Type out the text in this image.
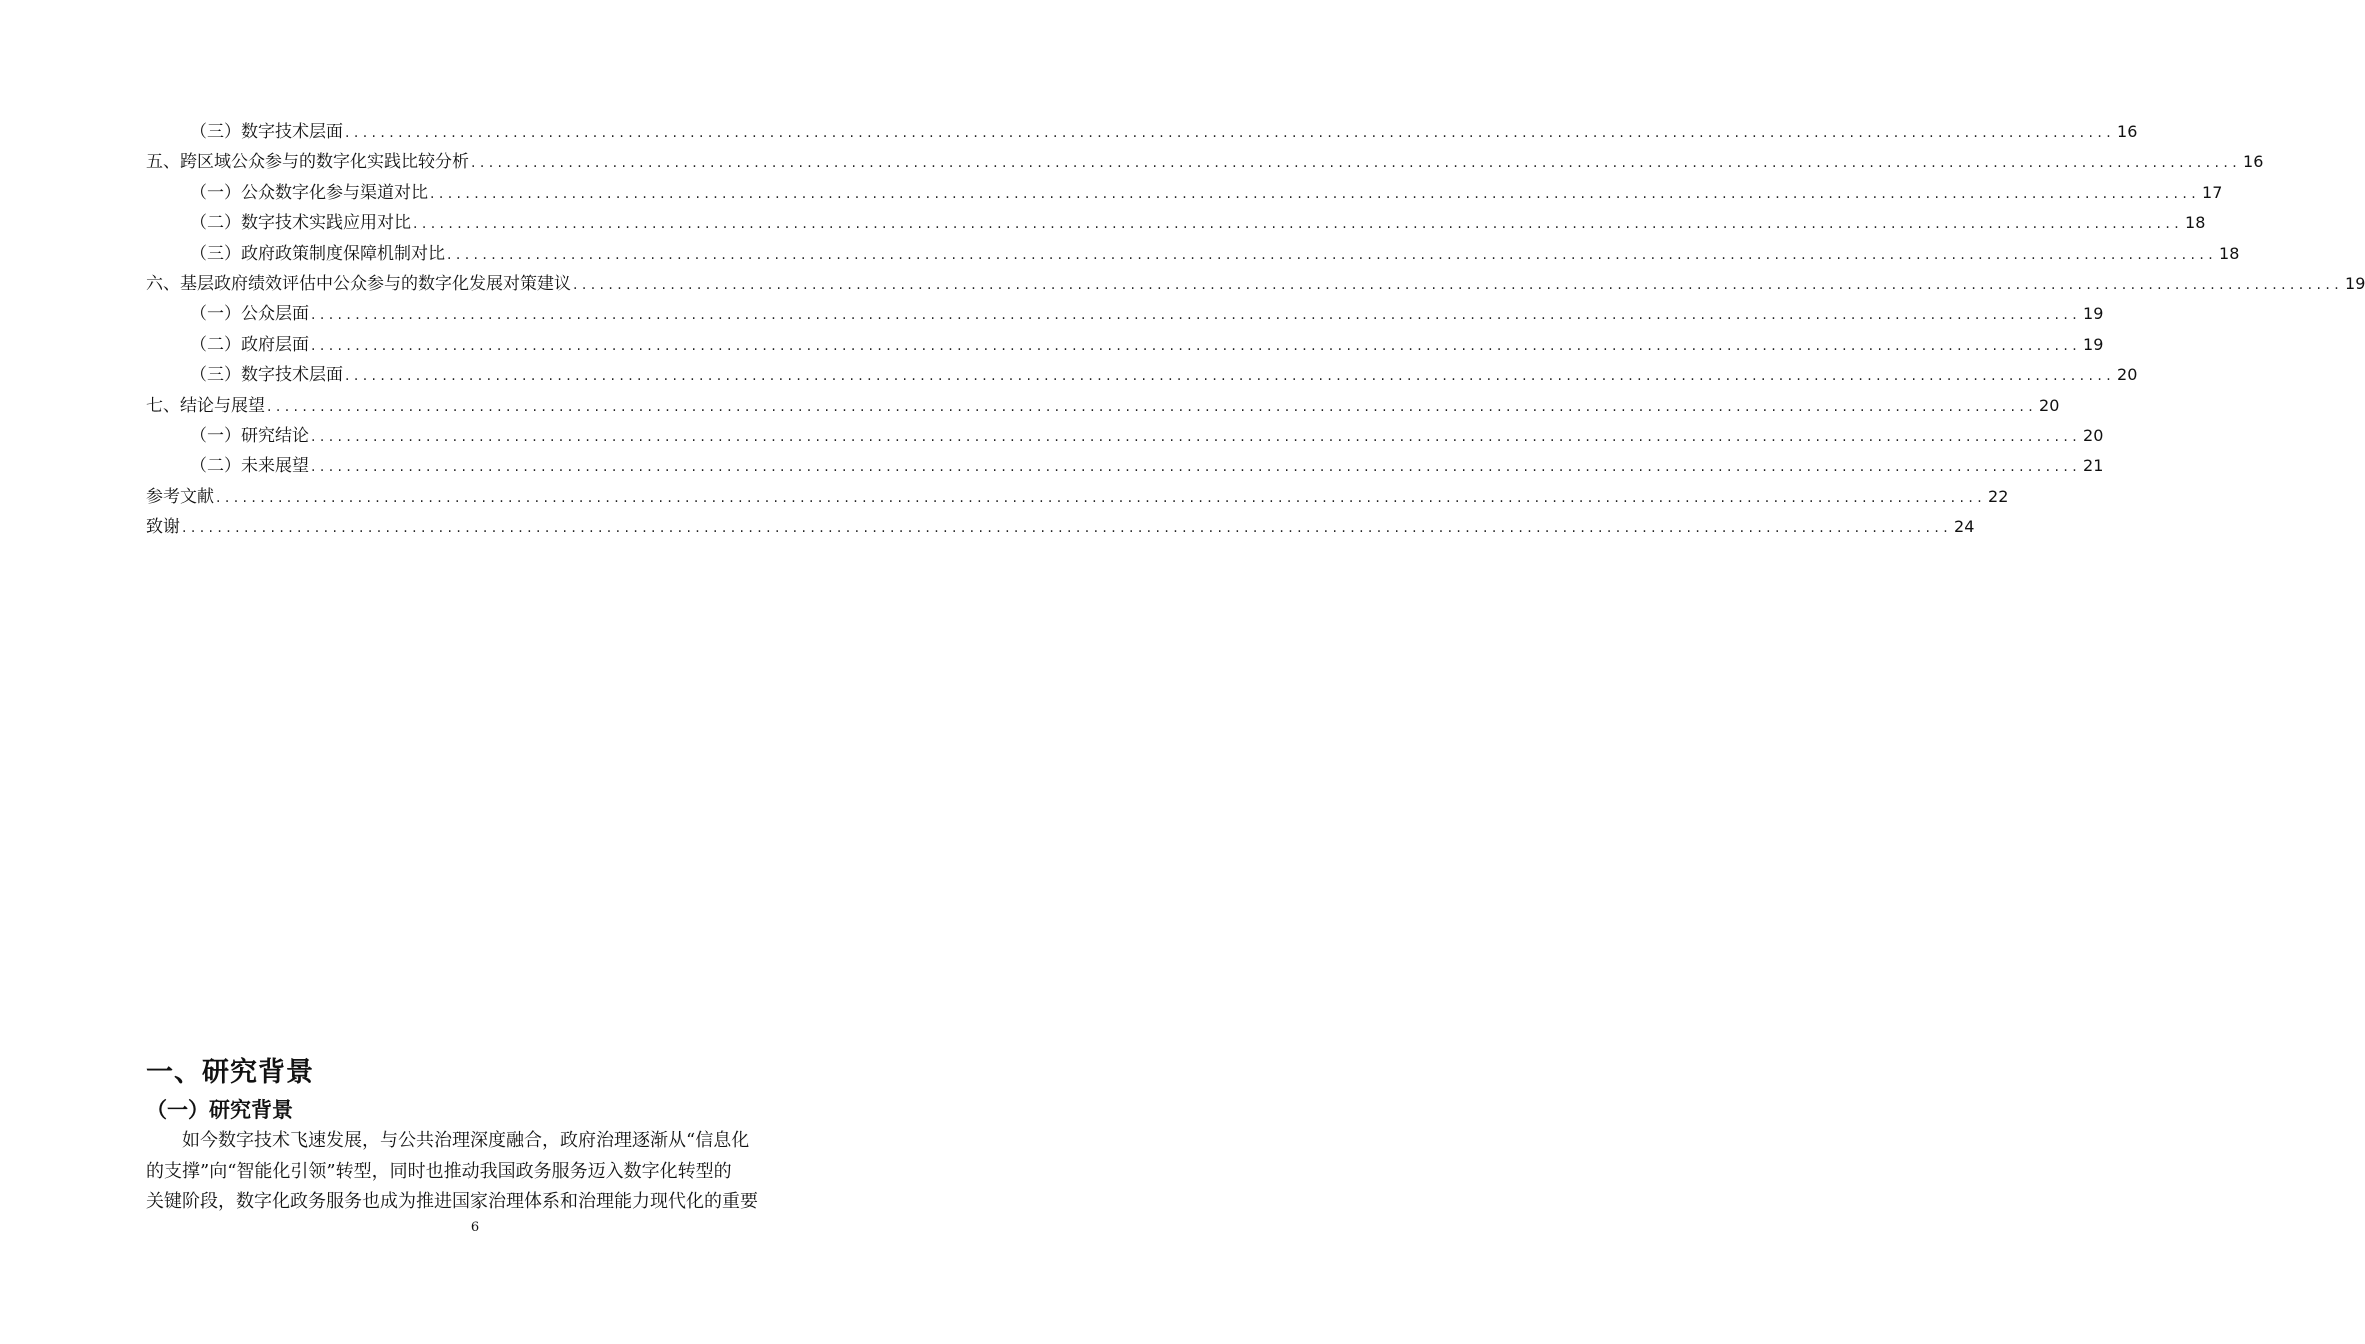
（三）数字技术层面 ........................................................................................................................................................................................................ 16
五、跨区域公众参与的数字化实践比较分析 ........................................................................................................................................................................................................ 16
（一）公众数字化参与渠道对比 ........................................................................................................................................................................................................ 17
（二）数字技术实践应用对比 ........................................................................................................................................................................................................ 18
（三）政府政策制度保障机制对比 ........................................................................................................................................................................................................ 18
六、基层政府绩效评估中公众参与的数字化发展对策建议 ........................................................................................................................................................................................................ 19
（一）公众层面 ........................................................................................................................................................................................................ 19
（二）政府层面 ........................................................................................................................................................................................................ 19
（三）数字技术层面 ........................................................................................................................................................................................................ 20
七、结论与展望 ........................................................................................................................................................................................................ 20
（一）研究结论 ........................................................................................................................................................................................................ 20
（二）未来展望 ........................................................................................................................................................................................................ 21
参考文献 ........................................................................................................................................................................................................ 22
致谢 ........................................................................................................................................................................................................ 24
一、研究背景
（一）研究背景
如今数字技术飞速发展，与公共治理深度融合，政府治理逐渐从“信息化
的支撑”向“智能化引领”转型，同时也推动我国政务服务迈入数字化转型的
关键阶段，数字化政务服务也成为推进国家治理体系和治理能力现代化的重要
6
